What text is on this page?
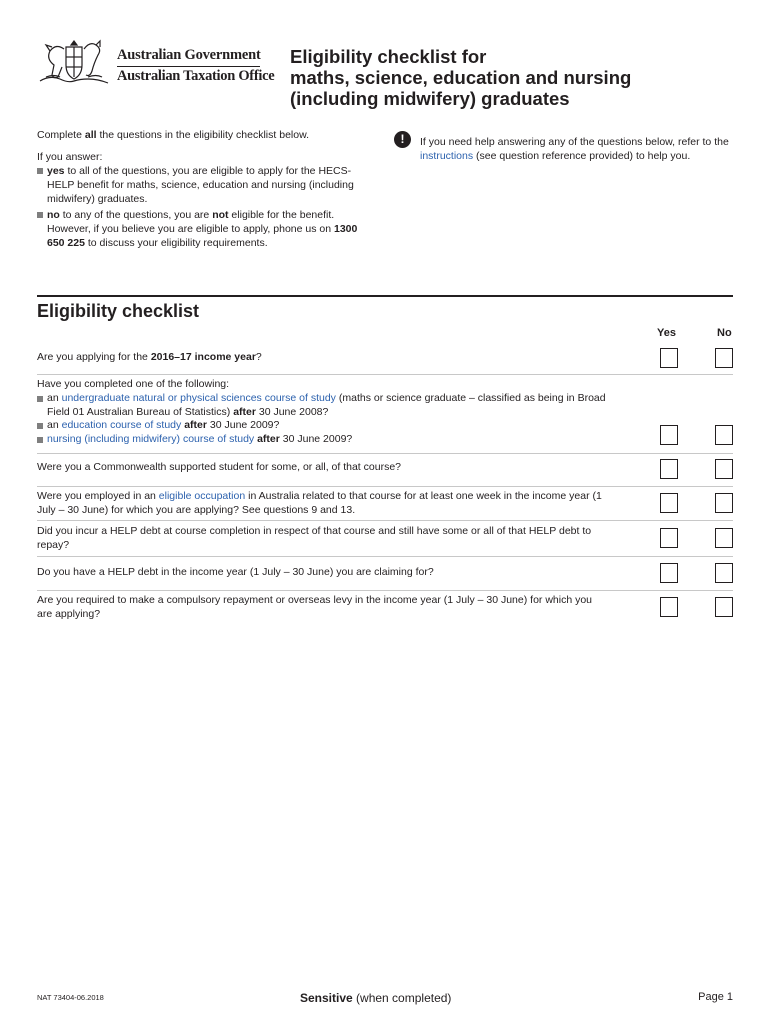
Australian Government
Australian Taxation Office
Eligibility checklist for
maths, science, education and nursing
(including midwifery) graduates

Complete all the questions in the eligibility checklist below.

If you answer:

yes to all of the questions, you are eligible to apply for the HECS-HELP benefit for maths, science, education and nursing (including midwifery) graduates.
no to any of the questions, you are not eligible for the benefit. However, if you believe you are eligible to apply, phone us on 1300 650 225 to discuss your eligibility requirements.
!	If you need help answering any of the questions below, refer to the instructions (see question reference provided) to help you.
Eligibility checklist
Yes	No
Are you applying for the 2016–17 income year?
Have you completed one of the following:
an undergraduate natural or physical sciences course of study (maths or science graduate – classified as being in Broad Field 01 Australian Bureau of Statistics) after 30 June 2008?
an education course of study after 30 June 2009?
nursing (including midwifery) course of study after 30 June 2009?
Were you a Commonwealth supported student for some, or all, of that course?
Were you employed in an eligible occupation in Australia related to that course for at least one week in the income year (1 July – 30 June) for which you are applying? See questions 9 and 13.
Did you incur a HELP debt at course completion in respect of that course and still have some or all of that HELP debt to repay?
Do you have a HELP debt in the income year (1 July – 30 June) you are claiming for?
Are you required to make a compulsory repayment or overseas levy in the income year (1 July – 30 June) for which you are applying?
NAT 73404-06.2018	Sensitive (when completed)	Page 1
